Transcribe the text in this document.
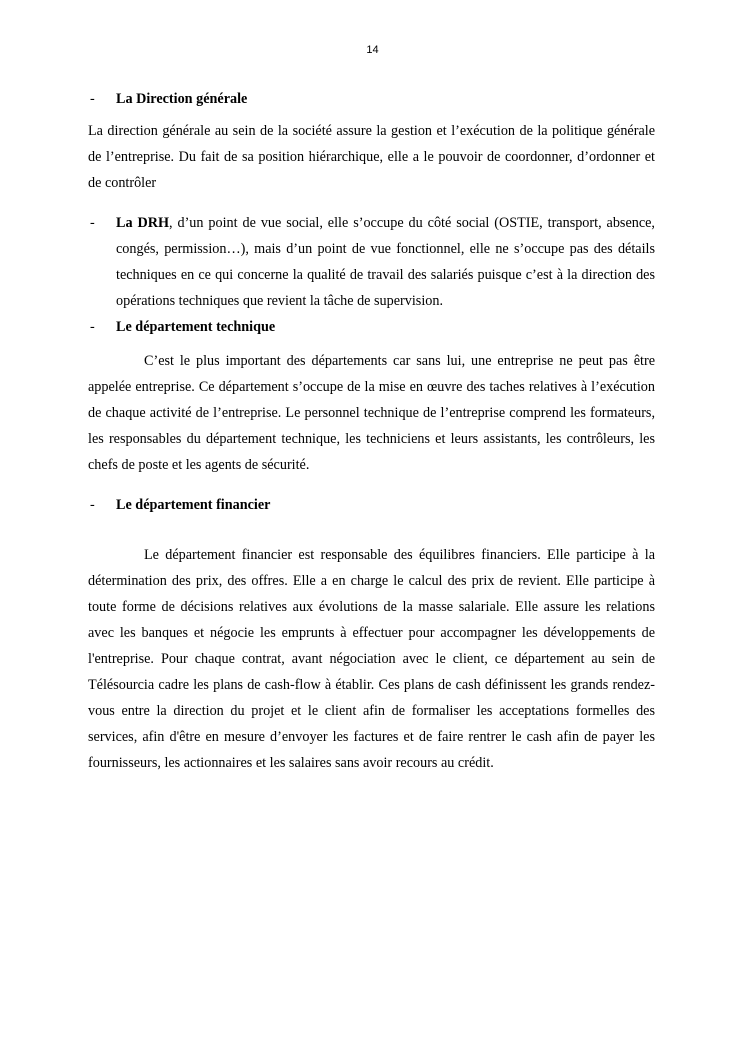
14
- La Direction générale

La direction générale au sein de la société assure la gestion et l’exécution de la politique générale de l’entreprise. Du fait de sa position hiérarchique, elle a le pouvoir de coordonner, d’ordonner et de contrôler

- La DRH, d’un point de vue social, elle s’occupe du côté social (OSTIE, transport, absence, congés, permission…), mais d’un point de vue fonctionnel, elle ne s’occupe pas des détails techniques en ce qui concerne la qualité de travail des salariés puisque c’est à la direction des opérations techniques que revient la tâche de supervision.
- Le département technique

C’est le plus important des départements car sans lui, une entreprise ne peut pas être appelée entreprise. Ce département s’occupe de la mise en œuvre des taches relatives à l’exécution de chaque activité de l’entreprise. Le personnel technique de l’entreprise comprend les formateurs, les responsables du département technique, les techniciens et leurs assistants, les contrôleurs, les chefs de poste et les agents de sécurité.

- Le département financier

Le département financier est responsable des équilibres financiers. Elle participe à la détermination des prix, des offres. Elle a en charge le calcul des prix de revient. Elle participe à toute forme de décisions relatives aux évolutions de la masse salariale. Elle assure les relations avec les banques et négocie les emprunts à effectuer pour accompagner les développements de l'entreprise. Pour chaque contrat, avant négociation avec le client, ce département au sein de Télésourcia cadre les plans de cash-flow à établir. Ces plans de cash définissent les grands rendez-vous entre la direction du projet et le client afin de formaliser les acceptations formelles des services, afin d'être en mesure d’envoyer les factures et de faire rentrer le cash afin de payer les fournisseurs, les actionnaires et les salaires sans avoir recours au crédit.
